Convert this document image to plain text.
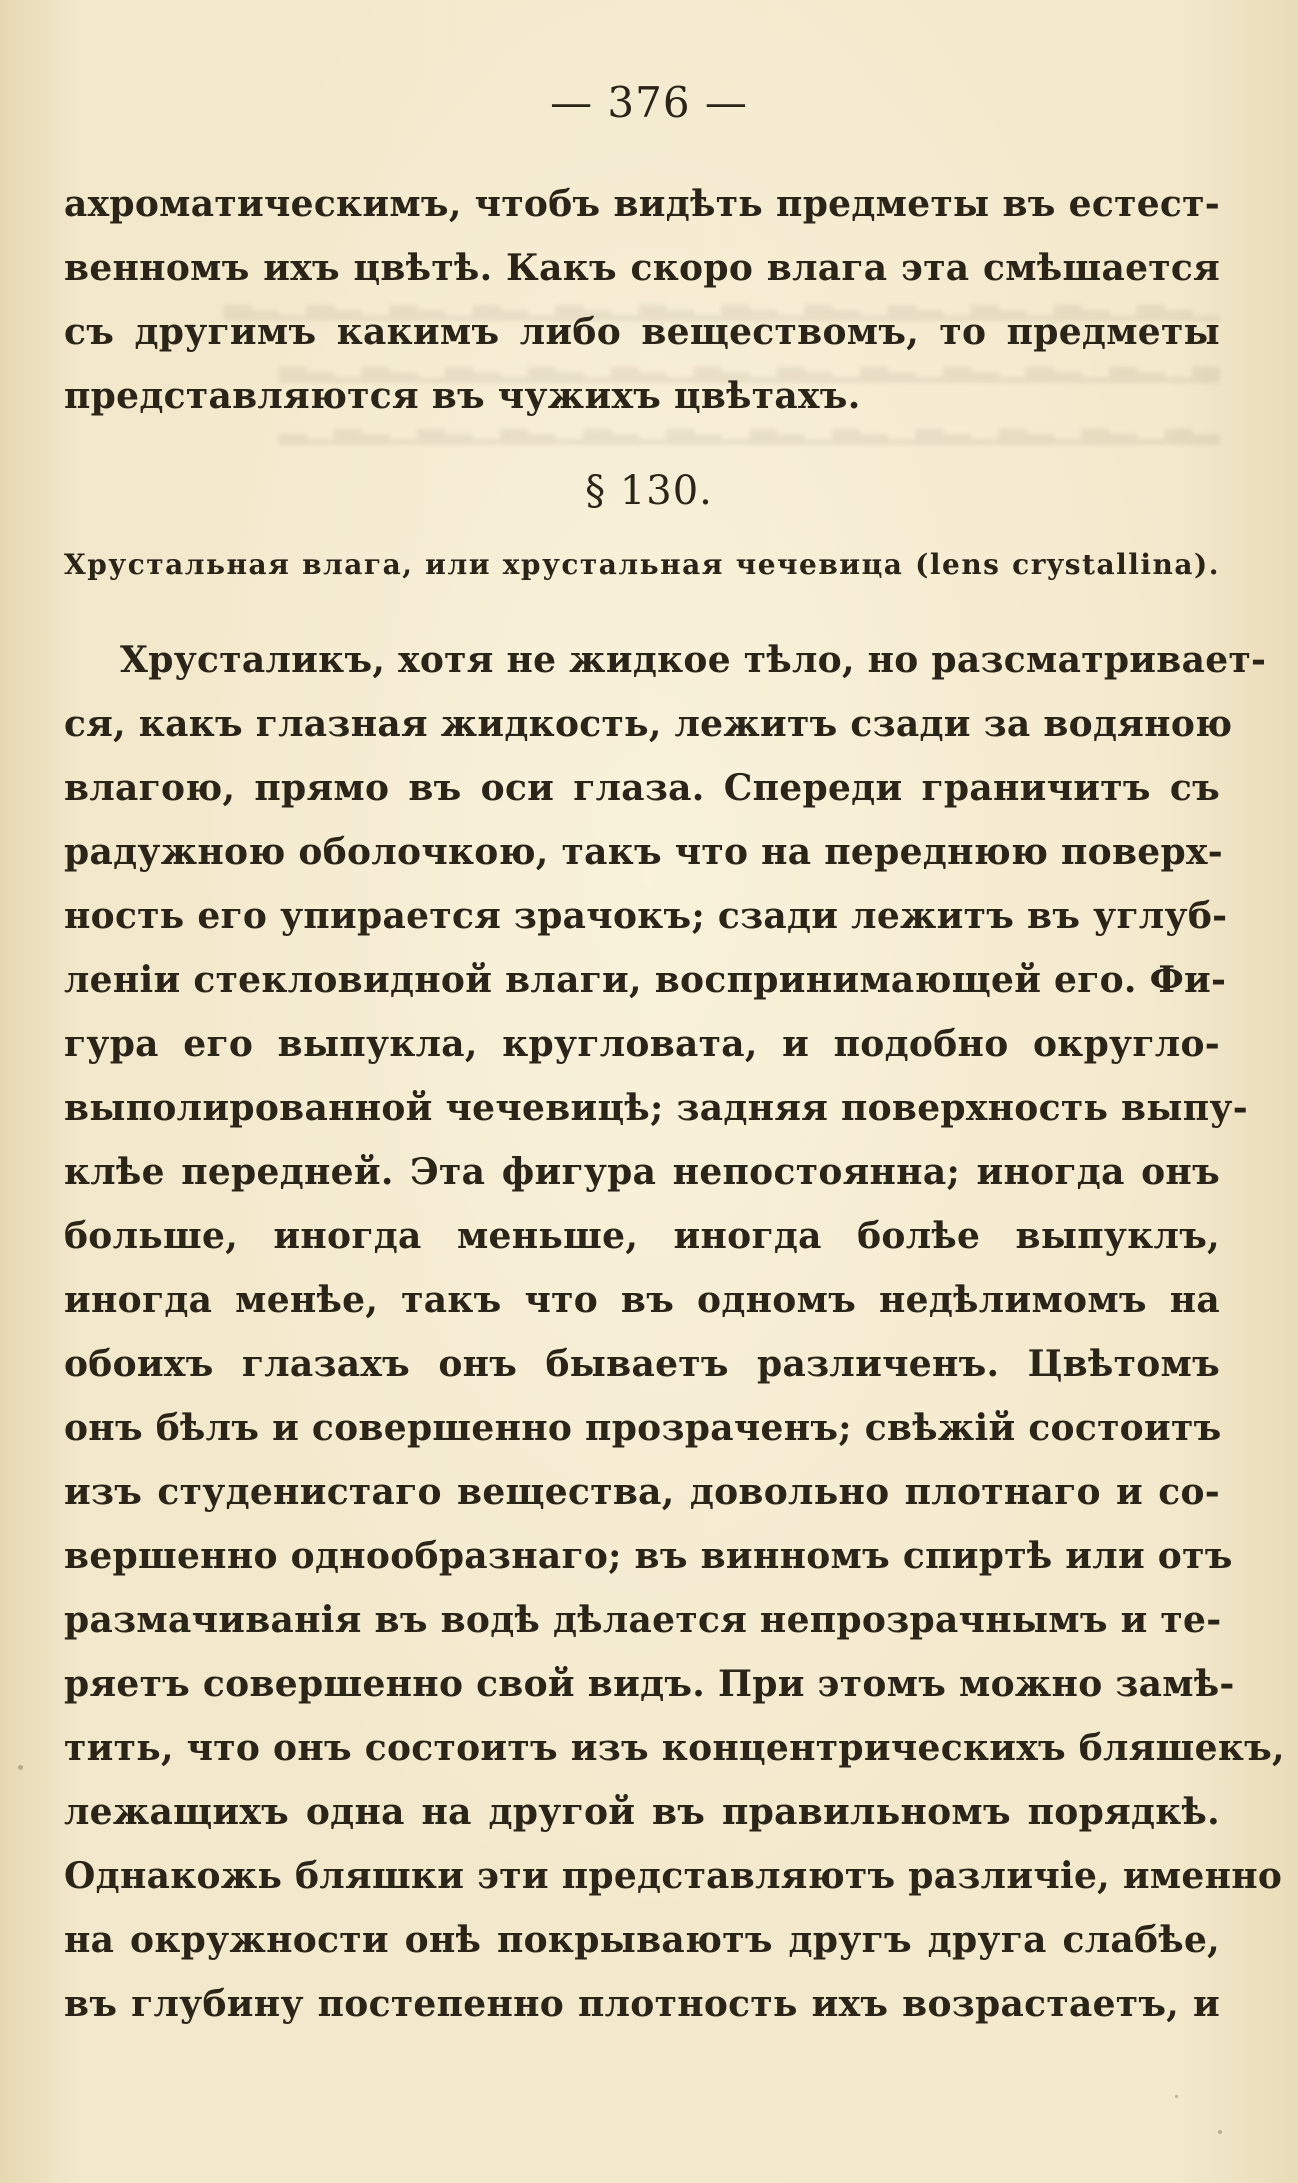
▁▂▃▁▂▃▁▂▃▁▂▃▁▂▃▁▂▃▁▂▃▁▂▃▁▂▃▁▂▃▁▂▃▁▂▃
▃▁▂▃▁▂▃▁▂▃▁▂▃▁▂▃▁▂▃▁▂▃▁▂▃▁▂▃▁▂▃▁▂▃
▂▃▁▂▃▁▂▃▁▂▃▁▂▃▁▂▃▁▂▃▁▂▃▁▂▃▁▂▃▁▂▃▁▂
— 376 —
ахроматическимъ, чтобъ видѣть предметы въ естест-
венномъ ихъ цвѣтѣ. Какъ скоро влага эта смѣшается
съ другимъ какимъ либо веществомъ, то предметы
представляются въ чужихъ цвѣтахъ.
§ 130.
Хрустальная влага, или хрустальная чечевица (lens crystallina).
Хрусталикъ, хотя не жидкое тѣло, но разсматривает-
ся, какъ глазная жидкость, лежитъ сзади за водяною
влагою, прямо въ оси глаза. Спереди граничитъ съ
радужною оболочкою, такъ что на переднюю поверх-
ность его упирается зрачокъ; сзади лежитъ въ углуб-
леніи стекловидной влаги, воспринимающей его. Фи-
гура его выпукла, кругловата, и подобно округло-
выполированной чечевицѣ; задняя поверхность выпу-
клѣе передней. Эта фигура непостоянна; иногда онъ
больше, иногда меньше, иногда болѣе выпуклъ,
иногда менѣе, такъ что въ одномъ недѣлимомъ на
обоихъ глазахъ онъ бываетъ различенъ. Цвѣтомъ
онъ бѣлъ и совершенно прозраченъ; свѣжій состоитъ
изъ студенистаго вещества, довольно плотнаго и со-
вершенно однообразнаго; въ винномъ спиртѣ или отъ
размачиванія въ водѣ дѣлается непрозрачнымъ и те-
ряетъ совершенно свой видъ. При этомъ можно замѣ-
тить, что онъ состоитъ изъ концентрическихъ бляшекъ,
лежащихъ одна на другой въ правильномъ порядкѣ.
Однакожь бляшки эти представляютъ различіе, именно
на окружности онѣ покрываютъ другъ друга слабѣе,
въ глубину постепенно плотность ихъ возрастаетъ, и
